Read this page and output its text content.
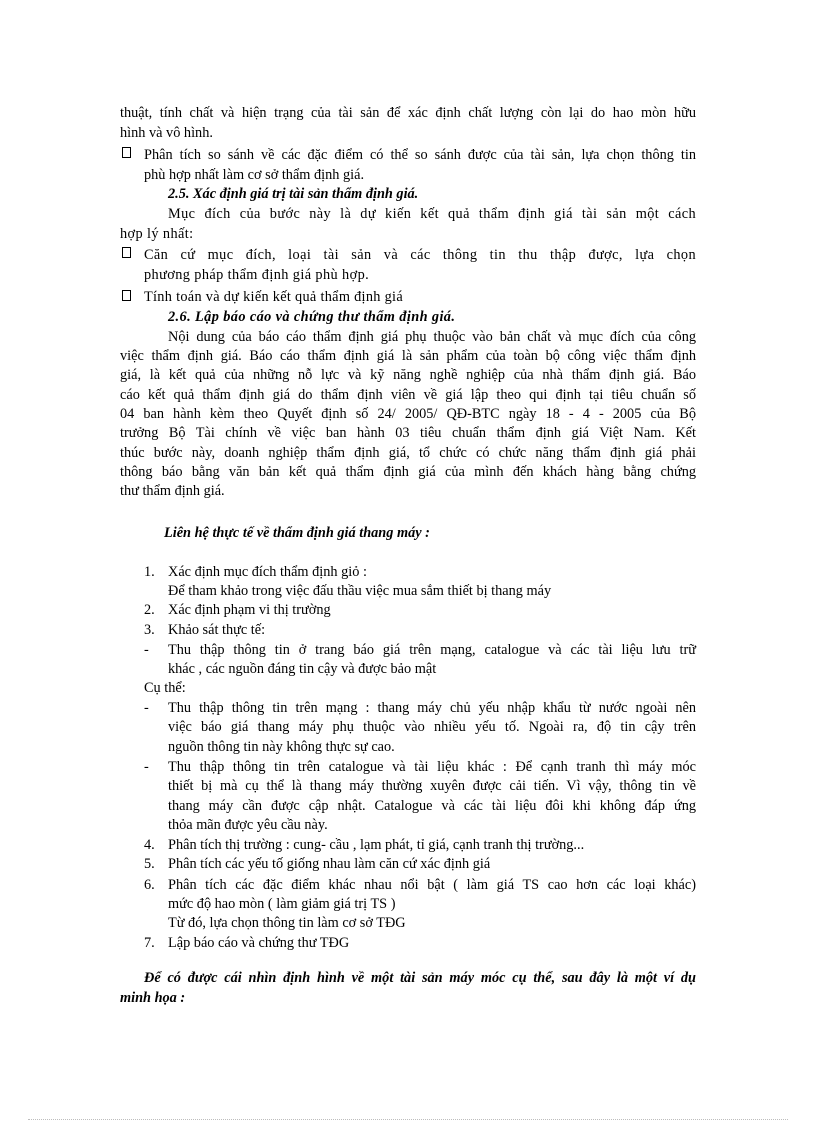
thuật, tính chất và hiện trạng của tài sản để xác định chất lượng còn lại do hao mòn hữu
hình và vô hình.
Phân tích so sánh về các đặc điểm có thể so sánh được của tài sản, lựa chọn thông tin
phù hợp nhất làm cơ sở thẩm định giá.
2.5. Xác định giá trị tài sản thẩm định giá.
Mục đích của bước này là dự kiến kết quả thẩm định giá tài sản một cách
hợp lý nhất:
Căn cứ mục đích, loại tài sản và các thông tin thu thập được, lựa chọn
phương pháp thẩm định giá phù hợp.
Tính toán và dự kiến kết quả thẩm định giá
2.6. Lập báo cáo và chứng thư thẩm định giá.
Nội dung của báo cáo thẩm định giá phụ thuộc vào bản chất và mục đích của công
việc thẩm định giá. Báo cáo thẩm định giá là sản phẩm của toàn bộ công việc thẩm định
giá, là kết quả của những nỗ lực và kỹ năng nghề nghiệp của nhà thẩm định giá. Báo
cáo kết quả thẩm định giá do thẩm định viên về giá lập theo qui định tại tiêu chuẩn số
04 ban hành kèm theo Quyết định số 24/ 2005/ QĐ-BTC ngày 18 - 4 - 2005 của Bộ
trưởng Bộ Tài chính về việc ban hành 03 tiêu chuẩn thẩm định giá Việt Nam. Kết
thúc bước này, doanh nghiệp thẩm định giá, tổ chức có chức năng thẩm định giá phải
thông báo bằng văn bản kết quả thẩm định giá của mình đến khách hàng bằng chứng
thư thẩm định giá.
Liên hệ thực tế về thẩm định giá thang máy :
1. Xác định mục đích thẩm định giỏ :
Để tham khảo trong việc đấu thầu việc mua sắm thiết bị thang máy
2. Xác định phạm vi thị trường
3. Khảo sát thực tế:
- Thu thập thông tin ở trang báo giá trên mạng, catalogue và các tài liệu lưu trữ
khác , các nguồn đáng tin cậy và được bảo mật
Cụ thể:
- Thu thập thông tin trên mạng : thang máy chủ yếu nhập khẩu từ nước ngoài nên
việc báo giá thang máy phụ thuộc vào nhiều yếu tố. Ngoài ra, độ tin cậy trên
nguồn thông tin này không thực sự cao.
- Thu thập thông tin trên catalogue và tài liệu khác : Để cạnh tranh thì máy móc
thiết bị mà cụ thể là thang máy thường xuyên được cải tiến. Vì vậy, thông tin về
thang máy cần được cập nhật. Catalogue và các tài liệu đôi khi không đáp ứng
thỏa mãn được yêu cầu này.
4. Phân tích thị trường : cung- cầu , lạm phát, tỉ giá, cạnh tranh thị trường...
5. Phân tích các yếu tố giống nhau làm căn cứ xác định giá
6. Phân tích các đặc điểm khác nhau nổi bật ( làm giá TS cao hơn các loại khác)
mức độ hao mòn ( làm giảm giá trị TS )
Từ đó, lựa chọn thông tin làm cơ sở TĐG
7. Lập báo cáo và chứng thư TĐG
Để có được cái nhìn định hình về một tài sản máy móc cụ thể, sau đây là một ví dụ
minh họa :
